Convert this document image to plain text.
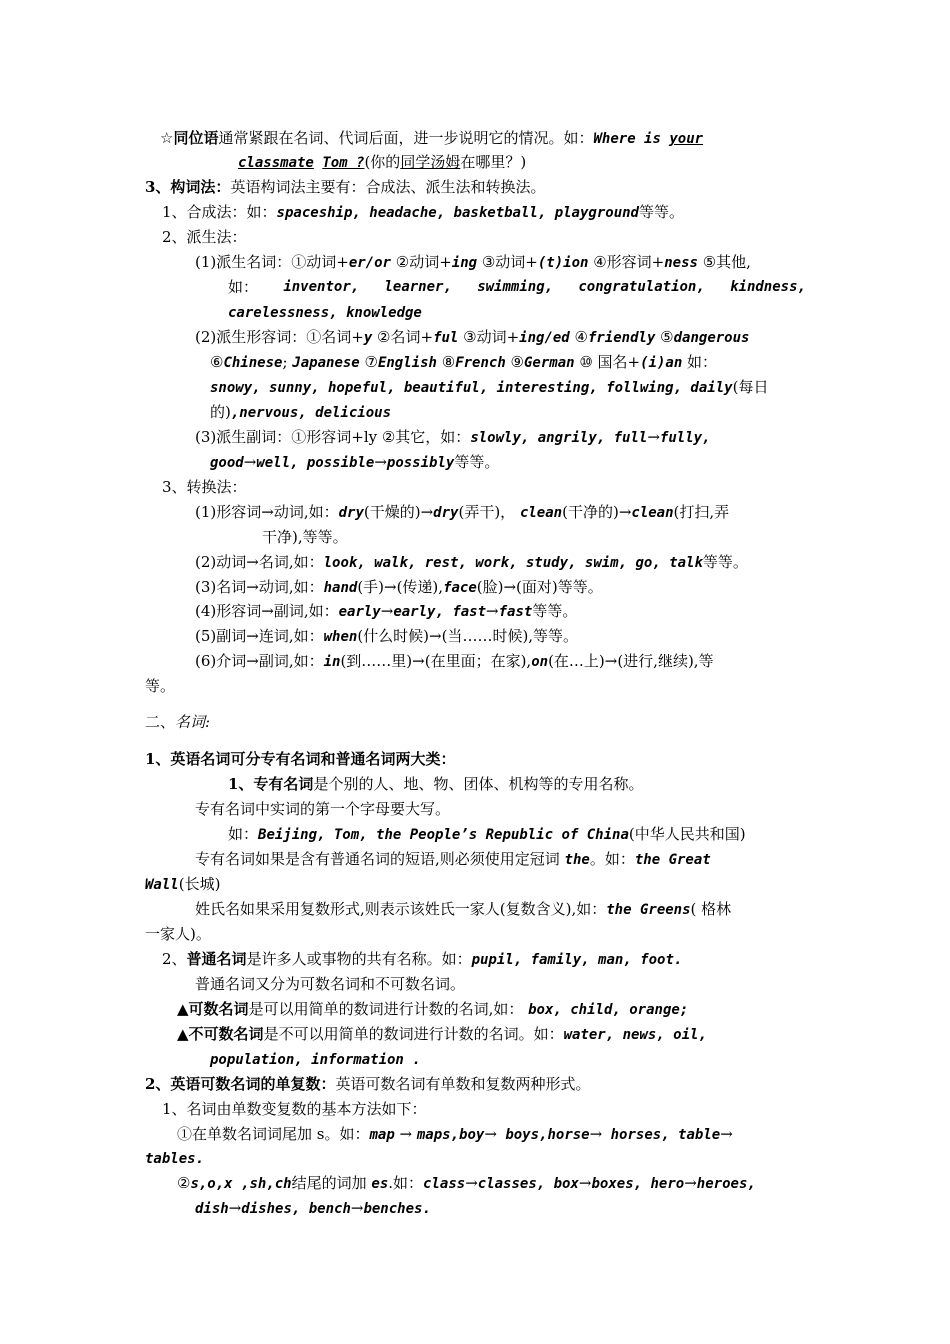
☆同位语通常紧跟在名词、代词后面，进一步说明它的情况。如：Where is your
classmate Tom ?(你的同学汤姆在哪里？)
3、构词法：英语构词法主要有：合成法、派生法和转换法。
1、合成法：如：spaceship, headache, basketball, playground等等。
2、派生法：
(1)派生名词：①动词+er/or ②动词+ing ③动词+(t)ion ④形容词+ness ⑤其他,
如： inventor, learner, swimming, congratulation, kindness,
carelessness, knowledge
(2)派生形容词：①名词+y ②名词+ful ③动词+ing/ed ④friendly ⑤dangerous
⑥Chinese; Japanese ⑦English ⑧French ⑨German ⑩ 国名+(i)an 如：
snowy, sunny, hopeful, beautiful, interesting, follwing, daily(每日
的),nervous, delicious
(3)派生副词：①形容词+ly ②其它，如：slowly, angrily, full→fully,
good→well, possible→possibly等等。
3、转换法：
(1)形容词→动词,如：dry(干燥的)→dry(弄干)， clean(干净的)→clean(打扫,弄
干净),等等。
(2)动词→名词,如：look, walk, rest, work, study, swim, go, talk等等。
(3)名词→动词,如：hand(手)→(传递),face(脸)→(面对)等等。
(4)形容词→副词,如：early→early, fast→fast等等。
(5)副词→连词,如：when(什么时候)→(当……时候),等等。
(6)介词→副词,如：in(到……里)→(在里面；在家),on(在…上)→(进行,继续),等
等。
二、名词:
1、英语名词可分专有名词和普通名词两大类：
1、专有名词是个别的人、地、物、团体、机构等的专用名称。
专有名词中实词的第一个字母要大写。
如：Beijing, Tom, the People’s Republic of China(中华人民共和国)
专有名词如果是含有普通名词的短语,则必须使用定冠词 the。如：the Great
Wall(长城)
姓氏名如果采用复数形式,则表示该姓氏一家人(复数含义),如：the Greens( 格林
一家人)。
2、普通名词是许多人或事物的共有名称。如：pupil, family, man, foot.
普通名词又分为可数名词和不可数名词。
▲可数名词是可以用简单的数词进行计数的名词,如： box, child, orange;
▲不可数名词是不可以用简单的数词进行计数的名词。如：water, news, oil,
population, information .
2、英语可数名词的单复数：英语可数名词有单数和复数两种形式。
1、名词由单数变复数的基本方法如下：
①在单数名词词尾加 s。如：map → maps,boy→ boys,horse→ horses, table→
tables.
②s,o,x ,sh,ch结尾的词加 es.如：class→classes, box→boxes, hero→heroes,
dish→dishes, bench→benches.
